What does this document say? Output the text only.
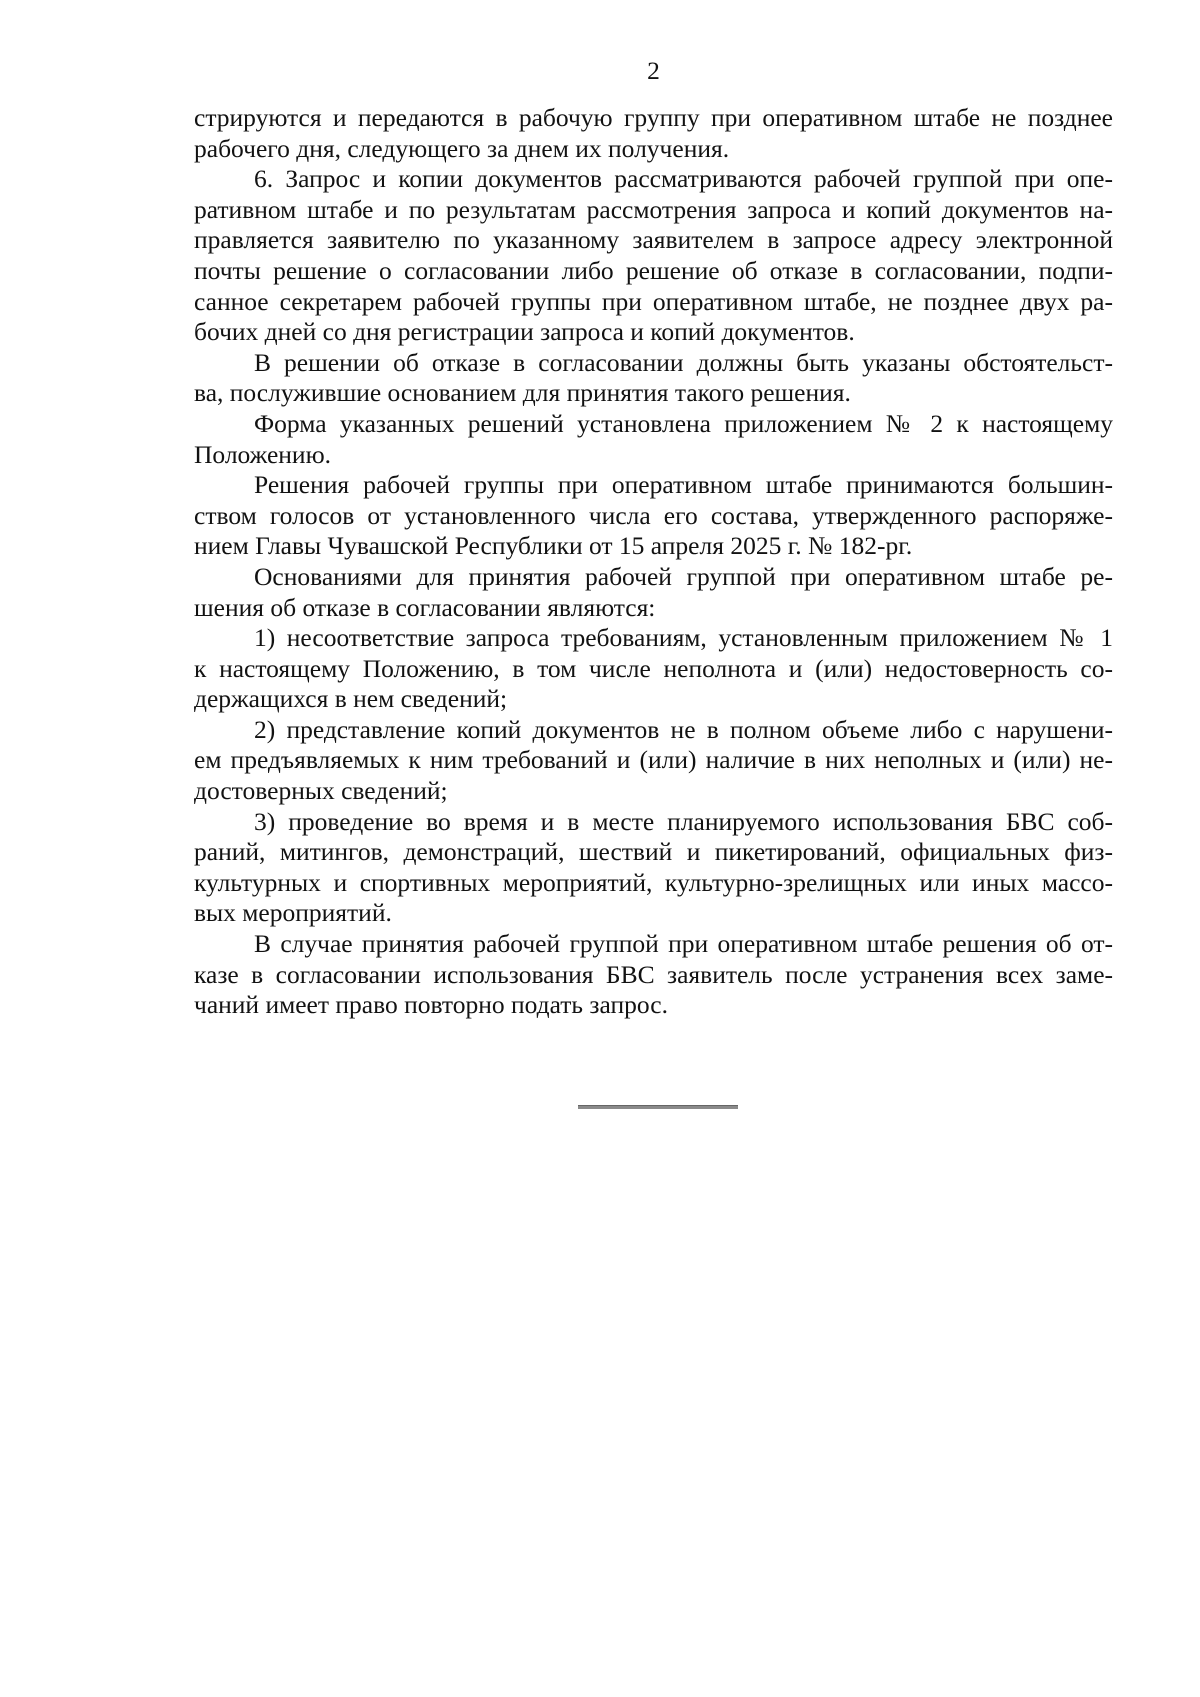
2
стрируются и передаются в рабочую группу при оперативном штабе не позднее
рабочего дня, следующего за днем их получения.
6. Запрос и копии документов рассматриваются рабочей группой при опе-
ративном штабе и по результатам рассмотрения запроса и копий документов на-
правляется заявителю по указанному заявителем в запросе адресу электронной
почты решение о согласовании либо решение об отказе в согласовании, подпи-
санное секретарем рабочей группы при оперативном штабе, не позднее двух ра-
бочих дней со дня регистрации запроса и копий документов.
В решении об отказе в согласовании должны быть указаны обстоятельст-
ва, послужившие основанием для принятия такого решения.
Форма указанных решений установлена приложением № 2 к настоящему
Положению.
Решения рабочей группы при оперативном штабе принимаются большин-
ством голосов от установленного числа его состава, утвержденного распоряже-
нием Главы Чувашской Республики от 15 апреля 2025 г. № 182-рг.
Основаниями для принятия рабочей группой при оперативном штабе ре-
шения об отказе в согласовании являются:
1) несоответствие запроса требованиям, установленным приложением № 1
к настоящему Положению, в том числе неполнота и (или) недостоверность со-
держащихся в нем сведений;
2) представление копий документов не в полном объеме либо с нарушени-
ем предъявляемых к ним требований и (или) наличие в них неполных и (или) не-
достоверных сведений;
3) проведение во время и в месте планируемого использования БВС соб-
раний, митингов, демонстраций, шествий и пикетирований, официальных физ-
культурных и спортивных мероприятий, культурно-зрелищных или иных массо-
вых мероприятий.
В случае принятия рабочей группой при оперативном штабе решения об от-
казе в согласовании использования БВС заявитель после устранения всех заме-
чаний имеет право повторно подать запрос.
